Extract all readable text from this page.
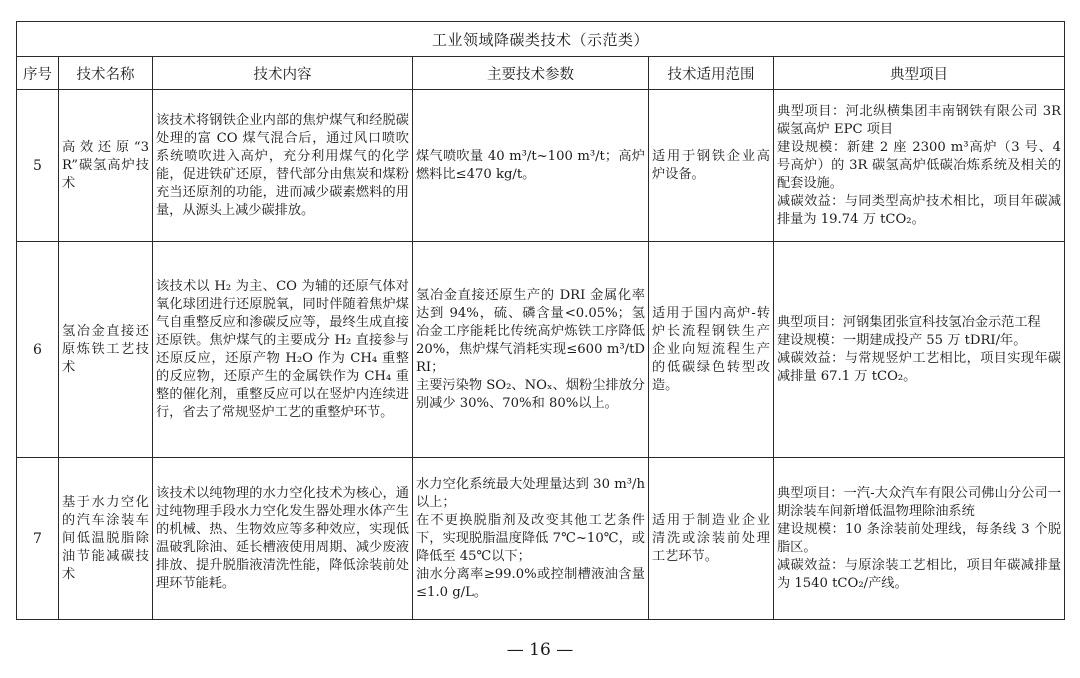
工业领域降碳类技术（示范类）					
序号	技术名称	技术内容	主要技术参数	技术适用范围	典型项目
5	高效还原“3R”碳氢高炉技术	该技术将钢铁企业内部的焦炉煤气和经脱碳处理的富 CO 煤气混合后，通过风口喷吹系统喷吹进入高炉，充分利用煤气的化学能，促进铁矿还原，替代部分由焦炭和煤粉充当还原剂的功能，进而减少碳素燃料的用量，从源头上减少碳排放。	煤气喷吹量 40 m³/t~100 m³/t；高炉燃料比≤470 kg/t。	适用于钢铁企业高炉设备。	典型项目：河北纵横集团丰南钢铁有限公司 3R 碳氢高炉 EPC 项目
建设规模：新建 2 座 2300 m³高炉（3 号、4 号高炉）的 3R 碳氢高炉低碳冶炼系统及相关的配套设施。
减碳效益：与同类型高炉技术相比，项目年碳减排量为 19.74 万 tCO₂。

6	氢冶金直接还原炼铁工艺技术	该技术以 H₂ 为主、CO 为辅的还原气体对氧化球团进行还原脱氧，同时伴随着焦炉煤气自重整反应和渗碳反应等，最终生成直接还原铁。焦炉煤气的主要成分 H₂ 直接参与还原反应，还原产物 H₂O 作为 CH₄ 重整的反应物，还原产生的金属铁作为 CH₄ 重整的催化剂，重整反应可以在竖炉内连续进行，省去了常规竖炉工艺的重整炉环节。	氢冶金直接还原生产的 DRI 金属化率达到 94%，硫、磷含量<0.05%；氢冶金工序能耗比传统高炉炼铁工序降低 20%，焦炉煤气消耗实现≤600 m³/tDRI；
主要污染物 SO₂、NOₓ、烟粉尘排放分别减少 30%、70%和 80%以上。	适用于国内高炉-转炉长流程钢铁生产企业向短流程生产的低碳绿色转型改造。	典型项目：河钢集团张宣科技氢冶金示范工程
建设规模：一期建成投产 55 万 tDRI/年。
减碳效益：与常规竖炉工艺相比，项目实现年碳减排量 67.1 万 tCO₂。

7	基于水力空化的汽车涂装车间低温脱脂除油节能减碳技术	该技术以纯物理的水力空化技术为核心，通过纯物理手段水力空化发生器处理水体产生的机械、热、生物效应等多种效应，实现低温破乳除油、延长槽液使用周期、减少废液排放、提升脱脂液清洗性能，降低涂装前处理环节能耗。	水力空化系统最大处理量达到 30 m³/h以上；
在不更换脱脂剂及改变其他工艺条件下，实现脱脂温度降低 7℃~10℃，或降低至 45℃以下；
油水分离率≥99.0%或控制槽液油含量≤1.0 g/L。	适用于制造业企业清洗或涂装前处理工艺环节。	典型项目：一汽-大众汽车有限公司佛山分公司一期涂装车间新增低温物理除油系统
建设规模：10 条涂装前处理线，每条线 3 个脱脂区。
减碳效益：与原涂装工艺相比，项目年碳减排量为 1540 tCO₂/产线。
— 16 —
